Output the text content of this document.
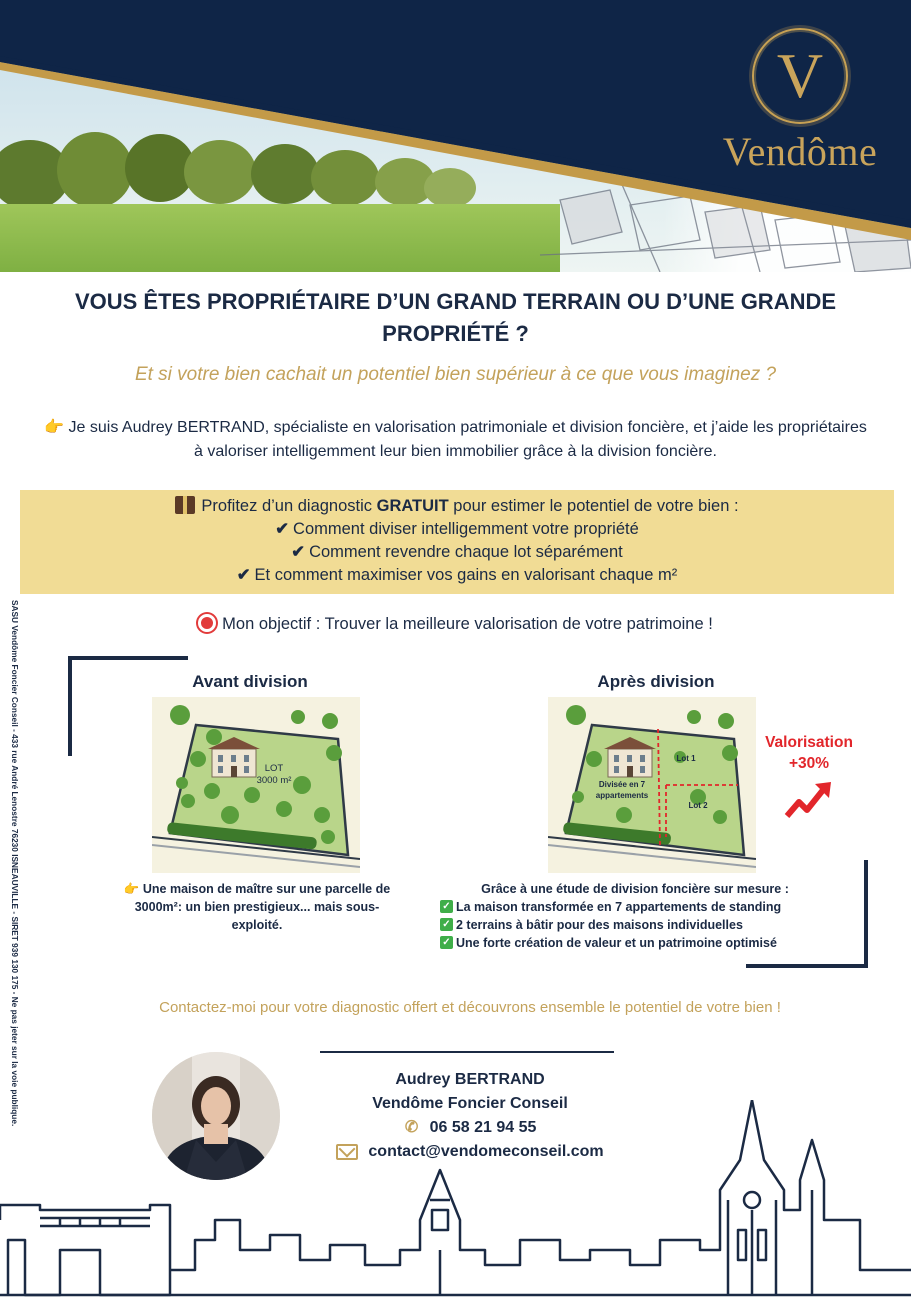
V
Vendôme
VOUS ÊTES PROPRIÉTAIRE D’UN GRAND TERRAIN OU D’UNE GRANDE PROPRIÉTÉ ?
Et si votre bien cachait un potentiel bien supérieur à ce que vous imaginez ?
👉 Je suis Audrey BERTRAND, spécialiste en valorisation patrimoniale et division foncière, et j’aide les propriétaires à valoriser intelligemment leur bien immobilier grâce à la division foncière.
Profitez d’un diagnostic GRATUIT pour estimer le potentiel de votre bien :
✔ Comment diviser intelligemment votre propriété
✔ Comment revendre chaque lot séparément
✔ Et comment maximiser vos gains en valorisant chaque m²
Mon objectif : Trouver la meilleure valorisation de votre patrimoine !
SASU Vendôme Foncier Conseil - 433 rue André Lenostre 76230 ISNEAUVILLE - SIRET 939 130 175 - Ne pas jeter sur la voie publique.	Avant division
LOT
3000 m²
Après division
Divisée en 7
appartements
Lot 1
Lot 2
Valorisation
+30%
👉 Une maison de maître sur une parcelle de 3000m²: un bien prestigieux... mais sous-exploité.
Grâce à une étude de division foncière sur mesure :
✓ La maison transformée en 7 appartements de standing
✓ 2 terrains à bâtir pour des maisons individuelles
✓ Une forte création de valeur et un patrimoine optimisé
Contactez-moi pour votre diagnostic offert et découvrons ensemble le potentiel de votre bien !
Audrey BERTRAND
Vendôme Foncier Conseil
✆ 06 58 21 94 55
contact@vendomeconseil.com
